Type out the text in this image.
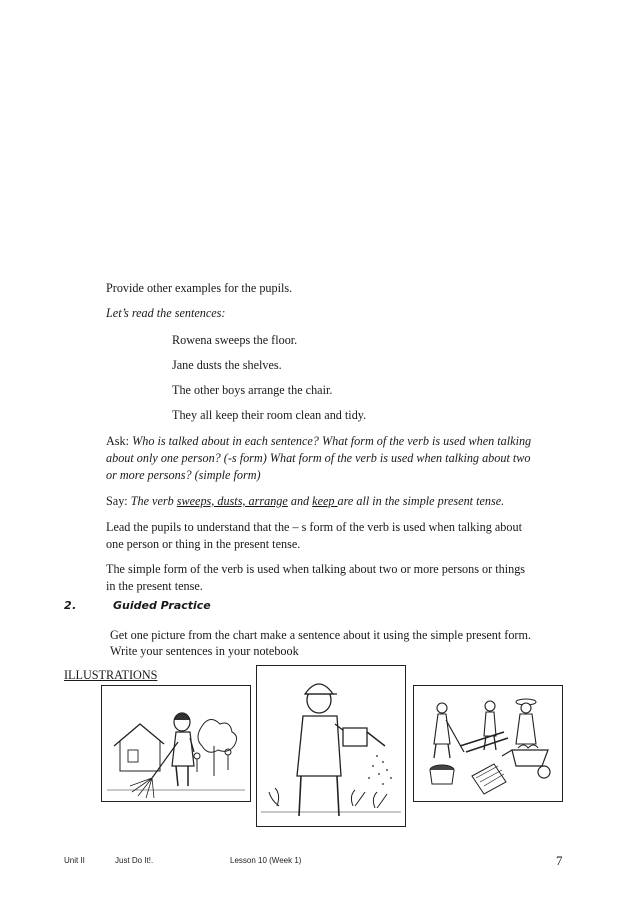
Provide other examples for the pupils.
Let’s read the sentences:
Rowena sweeps the floor.
Jane dusts the shelves.
The other boys arrange the chair.
They all keep their room clean and tidy.
Ask: Who is talked about in each sentence? What form of the verb is used when talking
about only one person? (-s form) What form of the verb is used when talking about two
or more persons? (simple form)
Say: The verb sweeps, dusts, arrange and keep are all in the simple present tense.
Lead the pupils to understand that the – s form of the verb is used when talking about
one person or thing in the present tense.
The simple form of the verb is used when talking about two or more persons or things
in the present tense.
2.	Guided Practice
Get one picture from the chart make a sentence about it using the simple present form.
Write your sentences in your notebook
ILLUSTRATIONS
Unit II	Just Do It!.	Lesson 10 (Week 1)	7
